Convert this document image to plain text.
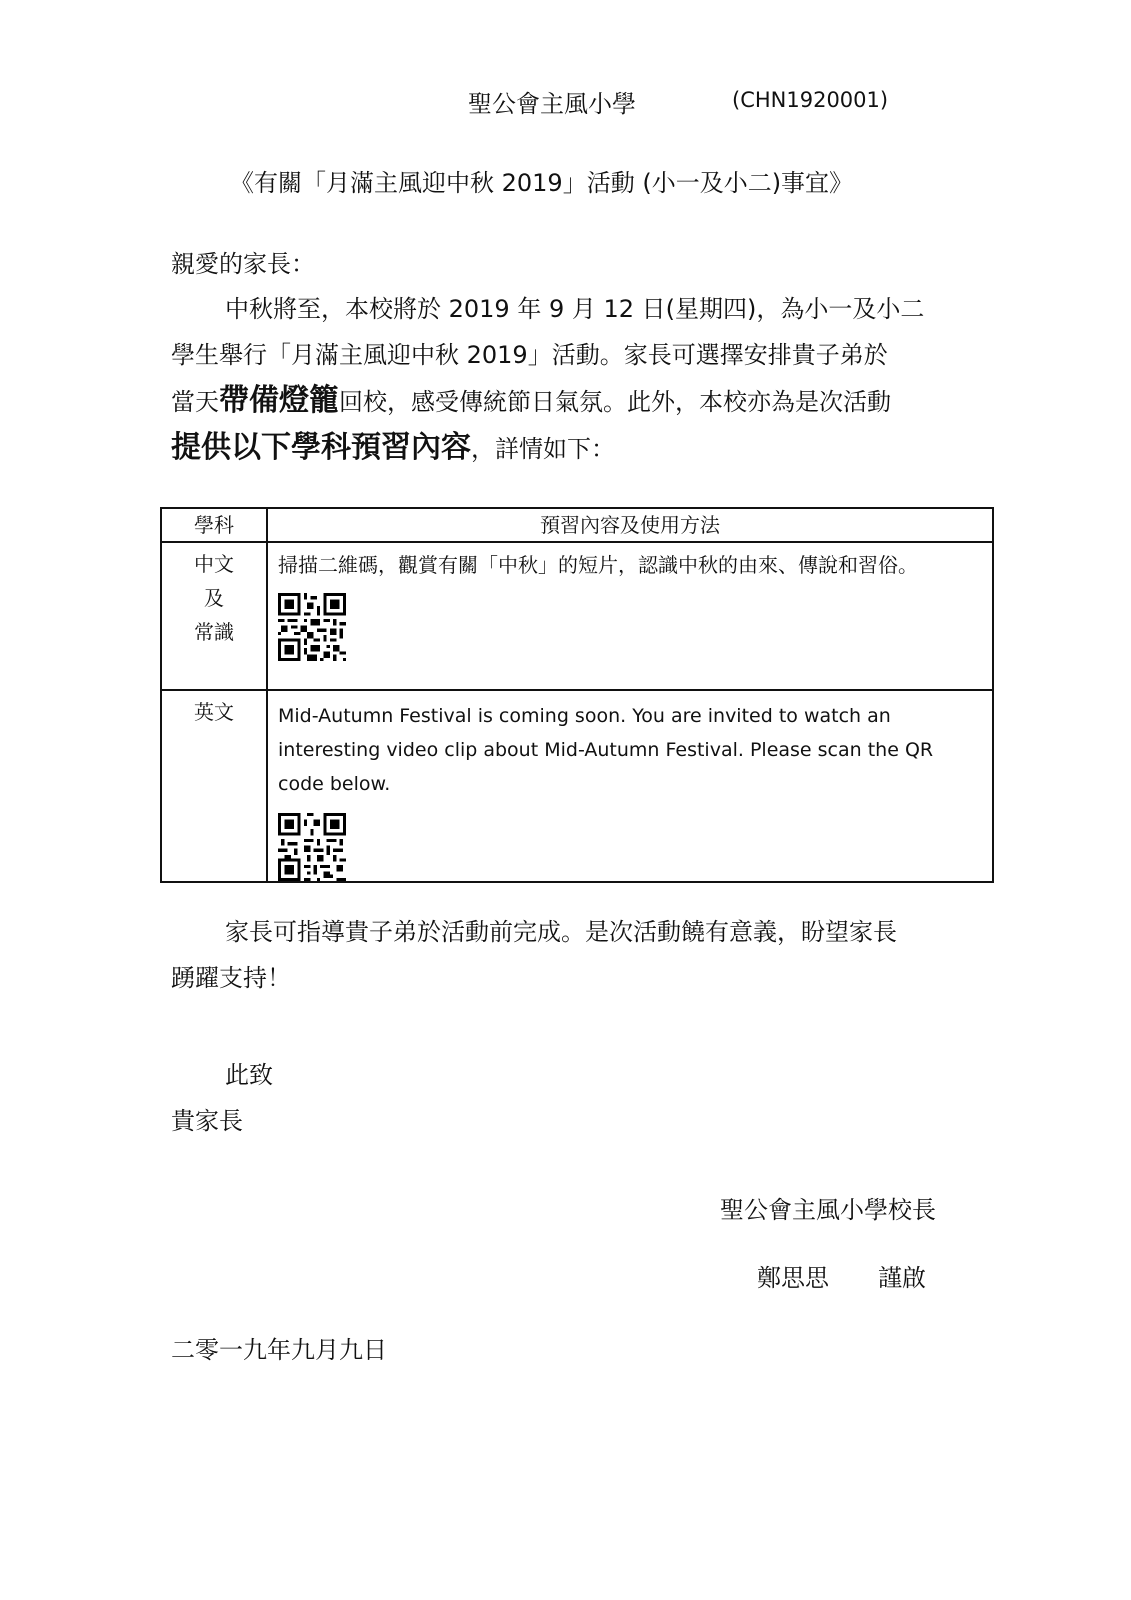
聖公會主風小學	(CHN1920001)
《有關「月滿主風迎中秋 2019」活動 (小一及小二)事宜》
親愛的家長：
中秋將至，本校將於 2019 年 9 月 12 日(星期四)，為小一及小二
學生舉行「月滿主風迎中秋 2019」活動。家長可選擇安排貴子弟於
當天帶備燈籠回校，感受傳統節日氣氛。此外，本校亦為是次活動
提供以下學科預習內容，詳情如下：
學科	預習內容及使用方法

中文
及
常識	掃描二維碼，觀賞有關「中秋」的短片，認識中秋的由來、傳說和習俗。

英文	Mid-Autumn Festival is coming soon. You are invited to watch an interesting video clip about Mid-Autumn Festival. Please scan the QR code below.
家長可指導貴子弟於活動前完成。是次活動饒有意義，盼望家長
踴躍支持！
此致
貴家長
聖公會主風小學校長
鄭思思 謹啟
二零一九年九月九日
